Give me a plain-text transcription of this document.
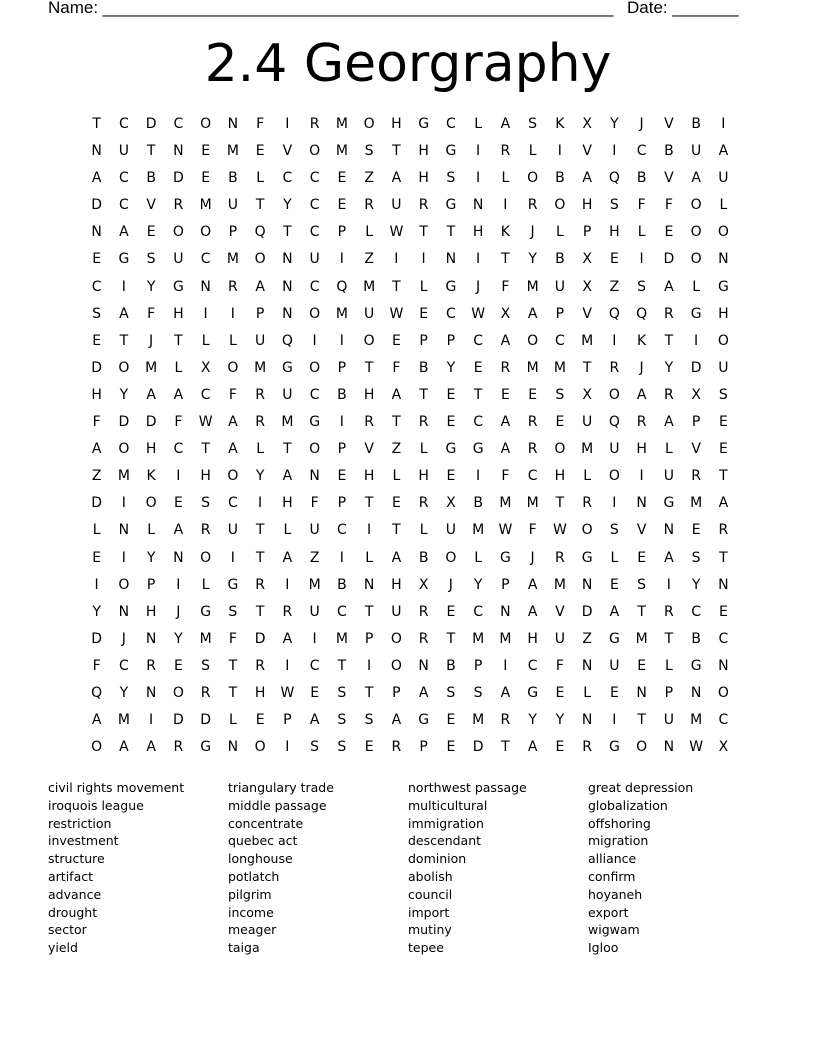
Name: ______________________________________________________ Date: _______
2.4 Georgraphy
T	C	D	C	O	N	F	I	R	M	O	H	G	C	L	A	S	K	X	Y	J	V	B	I
N	U	T	N	E	M	E	V	O	M	S	T	H	G	I	R	L	I	V	I	C	B	U	A
A	C	B	D	E	B	L	C	C	E	Z	A	H	S	I	L	O	B	A	Q	B	V	A	U
D	C	V	R	M	U	T	Y	C	E	R	U	R	G	N	I	R	O	H	S	F	F	O	L
N	A	E	O	O	P	Q	T	C	P	L	W	T	T	H	K	J	L	P	H	L	E	O	O
E	G	S	U	C	M	O	N	U	I	Z	I	I	N	I	T	Y	B	X	E	I	D	O	N
C	I	Y	G	N	R	A	N	C	Q	M	T	L	G	J	F	M	U	X	Z	S	A	L	G
S	A	F	H	I	I	P	N	O	M	U	W	E	C	W	X	A	P	V	Q	Q	R	G	H
E	T	J	T	L	L	U	Q	I	I	O	E	P	P	C	A	O	C	M	I	K	T	I	O
D	O	M	L	X	O	M	G	O	P	T	F	B	Y	E	R	M	M	T	R	J	Y	D	U
H	Y	A	A	C	F	R	U	C	B	H	A	T	E	T	E	E	S	X	O	A	R	X	S
F	D	D	F	W	A	R	M	G	I	R	T	R	E	C	A	R	E	U	Q	R	A	P	E
A	O	H	C	T	A	L	T	O	P	V	Z	L	G	G	A	R	O	M	U	H	L	V	E
Z	M	K	I	H	O	Y	A	N	E	H	L	H	E	I	F	C	H	L	O	I	U	R	T
D	I	O	E	S	C	I	H	F	P	T	E	R	X	B	M	M	T	R	I	N	G	M	A
L	N	L	A	R	U	T	L	U	C	I	T	L	U	M	W	F	W	O	S	V	N	E	R
E	I	Y	N	O	I	T	A	Z	I	L	A	B	O	L	G	J	R	G	L	E	A	S	T
I	O	P	I	L	G	R	I	M	B	N	H	X	J	Y	P	A	M	N	E	S	I	Y	N
Y	N	H	J	G	S	T	R	U	C	T	U	R	E	C	N	A	V	D	A	T	R	C	E
D	J	N	Y	M	F	D	A	I	M	P	O	R	T	M	M	H	U	Z	G	M	T	B	C
F	C	R	E	S	T	R	I	C	T	I	O	N	B	P	I	C	F	N	U	E	L	G	N
Q	Y	N	O	R	T	H	W	E	S	T	P	A	S	S	A	G	E	L	E	N	P	N	O
A	M	I	D	D	L	E	P	A	S	S	A	G	E	M	R	Y	Y	N	I	T	U	M	C
O	A	A	R	G	N	O	I	S	S	E	R	P	E	D	T	A	E	R	G	O	N	W	X
civil rights movement
iroquois league
restriction
investment
structure
artifact
advance
drought
sector
yield
triangulary trade
middle passage
concentrate
quebec act
longhouse
potlatch
pilgrim
income
meager
taiga
northwest passage
multicultural
immigration
descendant
dominion
abolish
council
import
mutiny
tepee
great depression
globalization
offshoring
migration
alliance
confirm
hoyaneh
export
wigwam
Igloo
